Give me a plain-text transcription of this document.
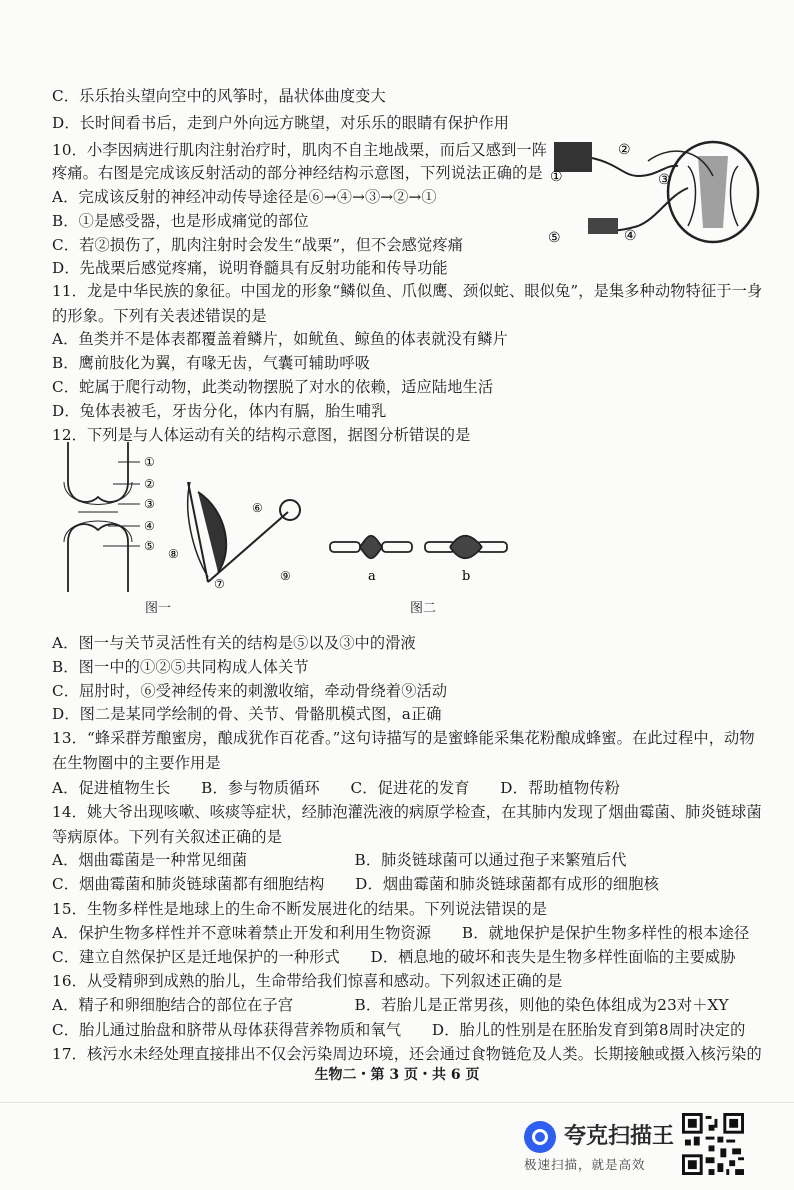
C．乐乐抬头望向空中的风筝时，晶状体曲度变大
D．长时间看书后，走到户外向远方眺望，对乐乐的眼睛有保护作用
10．小李因病进行肌肉注射治疗时，肌肉不自主地战栗，而后又感到一阵
疼痛。右图是完成该反射活动的部分神经结构示意图，下列说法正确的是
A．完成该反射的神经冲动传导途径是⑥→④→③→②→①
B．①是感受器，也是形成痛觉的部位
C．若②损伤了，肌肉注射时会发生“战栗”，但不会感觉疼痛
D．先战栗后感觉疼痛，说明脊髓具有反射功能和传导功能
11．龙是中华民族的象征。中国龙的形象“鳞似鱼、爪似鹰、颈似蛇、眼似兔”，是集多种动物特征于一身
的形象。下列有关表述错误的是
A．鱼类并不是体表都覆盖着鳞片，如鱿鱼、鲸鱼的体表就没有鳞片
B．鹰前肢化为翼，有喙无齿，气囊可辅助呼吸
C．蛇属于爬行动物，此类动物摆脱了对水的依赖，适应陆地生活
D．兔体表被毛，牙齿分化，体内有膈，胎生哺乳
12．下列是与人体运动有关的结构示意图，据图分析错误的是
A．图一与关节灵活性有关的结构是⑤以及③中的滑液
B．图一中的①②⑤共同构成人体关节
C．屈肘时，⑥受神经传来的刺激收缩，牵动骨绕着⑨活动
D．图二是某同学绘制的骨、关节、骨骼肌模式图，a正确
13．“蜂采群芳酿蜜房，酿成犹作百花香。”这句诗描写的是蜜蜂能采集花粉酿成蜂蜜。在此过程中，动物
在生物圈中的主要作用是
A．促进植物生长　　B．参与物质循环　　C．促进花的发育　　D．帮助植物传粉
14．姚大爷出现咳嗽、咳痰等症状，经肺泡灌洗液的病原学检查，在其肺内发现了烟曲霉菌、肺炎链球菌
等病原体。下列有关叙述正确的是
A．烟曲霉菌是一种常见细菌　　　　　　　B．肺炎链球菌可以通过孢子来繁殖后代
C．烟曲霉菌和肺炎链球菌都有细胞结构　　D．烟曲霉菌和肺炎链球菌都有成形的细胞核
15．生物多样性是地球上的生命不断发展进化的结果。下列说法错误的是
A．保护生物多样性并不意味着禁止开发和利用生物资源　　B．就地保护是保护生物多样性的根本途径
C．建立自然保护区是迁地保护的一种形式　　D．栖息地的破坏和丧失是生物多样性面临的主要威胁
16．从受精卵到成熟的胎儿，生命带给我们惊喜和感动。下列叙述正确的是
A．精子和卵细胞结合的部位在子宫　　　　B．若胎儿是正常男孩，则他的染色体组成为23对＋XY
C．胎儿通过胎盘和脐带从母体获得营养物质和氧气　　D．胎儿的性别是在胚胎发育到第8周时决定的
17．核污水未经处理直接排出不仅会污染周边环境，还会通过食物链危及人类。长期接触或摄入核污染的
①
②
③
④
⑤
①
②
③
④
⑤
⑥
⑦
⑧
⑨	a	b
图一	图二
生物二・第 3 页・共 6 页
夸克扫描王
极速扫描，就是高效
